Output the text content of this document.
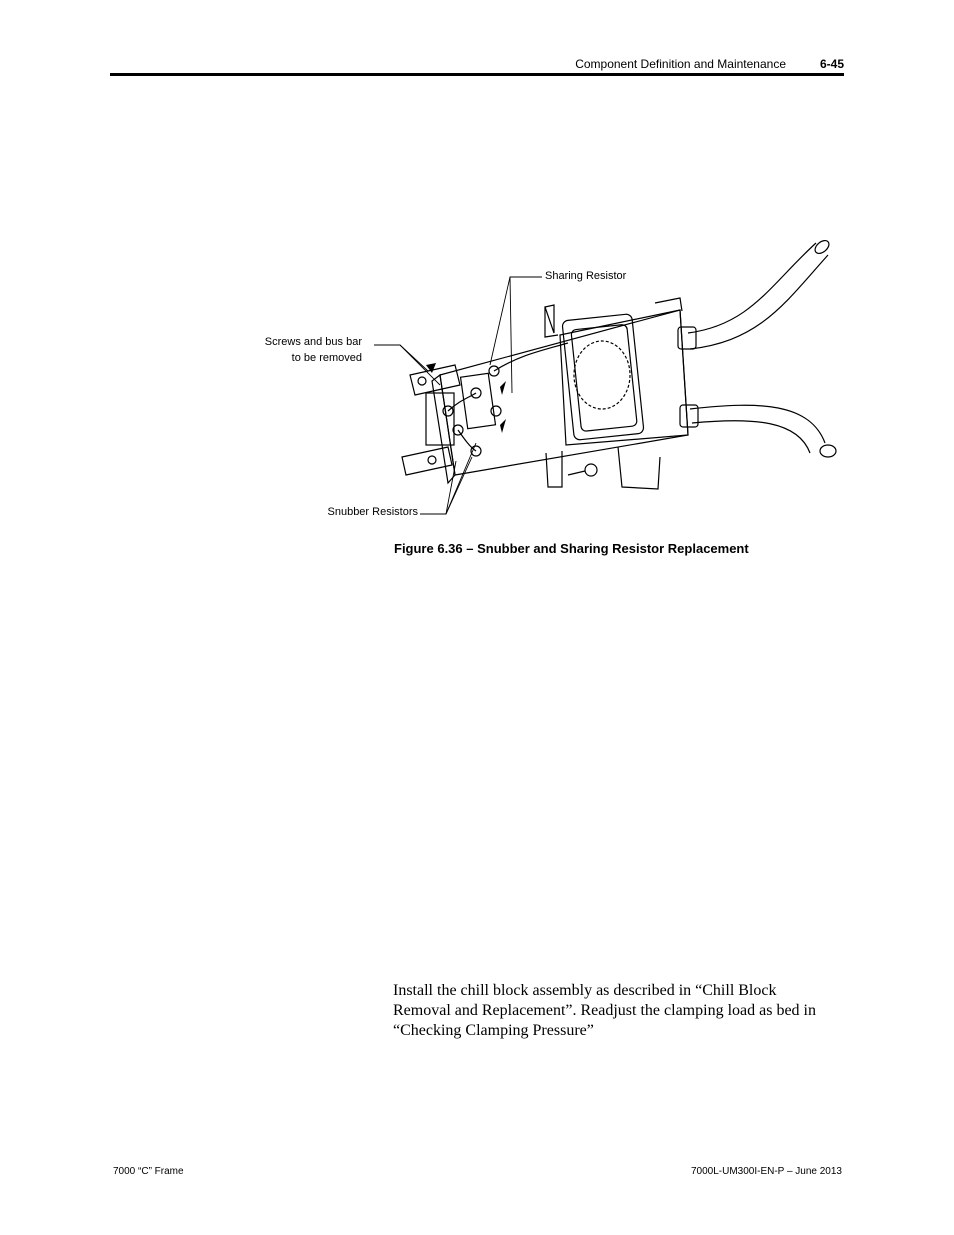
Component Definition and Maintenance	6-45
Sharing Resistor
Screws and bus bar
to be removed
Snubber Resistors
Figure 6.36 – Snubber and Sharing Resistor Replacement
Install the chill block assembly as described in “Chill Block Removal and Replacement”. Readjust the clamping load as bed in “Checking Clamping Pressure”
7000 “C” Frame	7000L-UM300I-EN-P – June 2013
